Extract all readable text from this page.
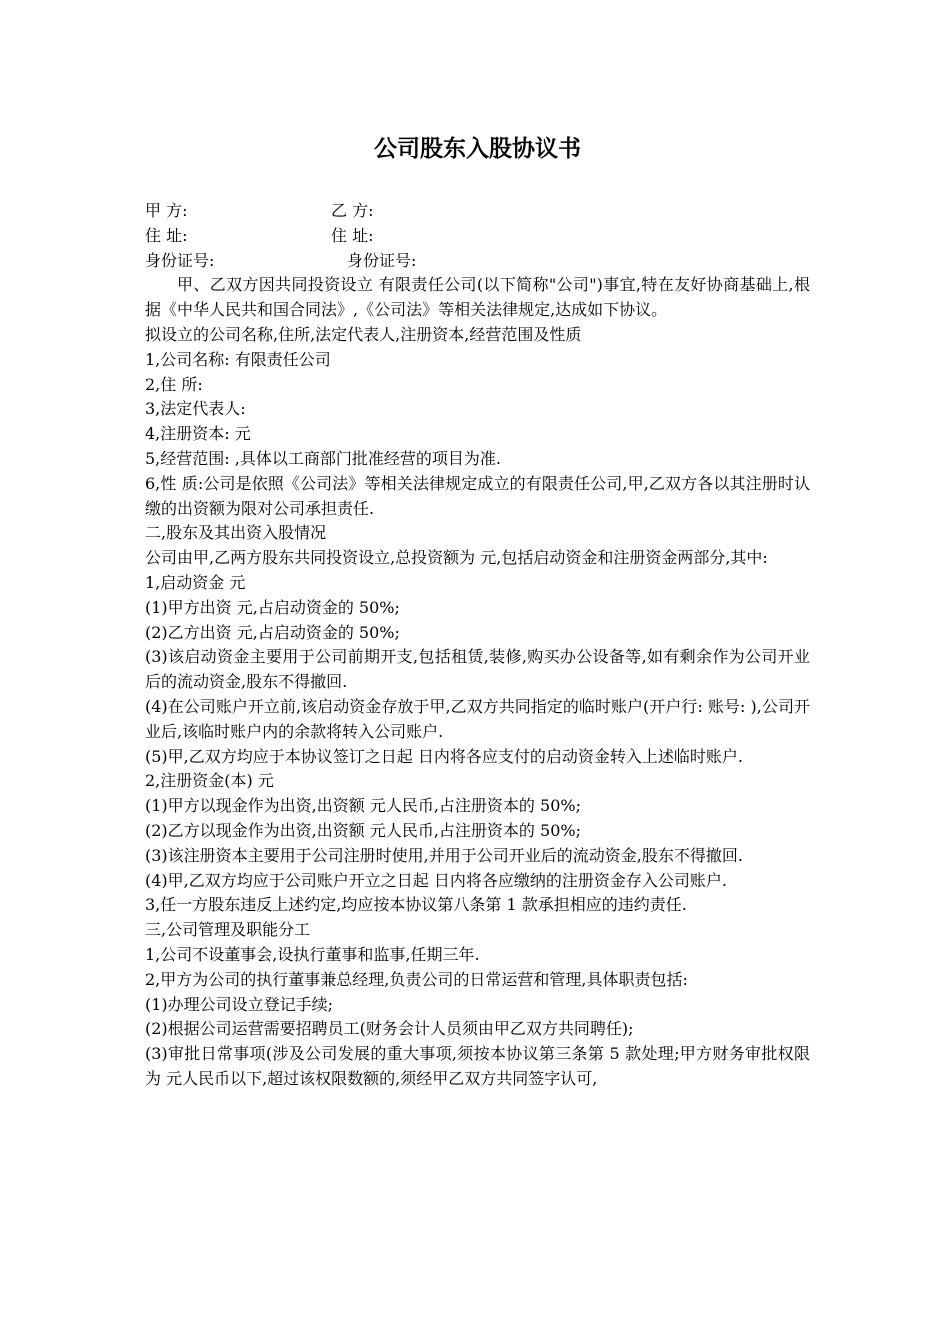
公司股东入股协议书
甲 方:	乙 方:
住 址:	住 址:
身份证号:	身份证号:

甲、乙双方因共同投资设立 有限责任公司(以下简称"公司")事宜,特在友好协商基础上,根据《中华人民共和国合同法》,《公司法》等相关法律规定,达成如下协议。

拟设立的公司名称,住所,法定代表人,注册资本,经营范围及性质

1,公司名称: 有限责任公司

2,住 所:

3,法定代表人:

4,注册资本: 元

5,经营范围: ,具体以工商部门批准经营的项目为准.

6,性 质:公司是依照《公司法》等相关法律规定成立的有限责任公司,甲,乙双方各以其注册时认缴的出资额为限对公司承担责任.

二,股东及其出资入股情况

公司由甲,乙两方股东共同投资设立,总投资额为 元,包括启动资金和注册资金两部分,其中:

1,启动资金 元

(1)甲方出资 元,占启动资金的 50%;

(2)乙方出资 元,占启动资金的 50%;

(3)该启动资金主要用于公司前期开支,包括租赁,装修,购买办公设备等,如有剩余作为公司开业后的流动资金,股东不得撤回.

(4)在公司账户开立前,该启动资金存放于甲,乙双方共同指定的临时账户(开户行: 账号: ),公司开业后,该临时账户内的余款将转入公司账户.

(5)甲,乙双方均应于本协议签订之日起 日内将各应支付的启动资金转入上述临时账户.

2,注册资金(本) 元

(1)甲方以现金作为出资,出资额 元人民币,占注册资本的 50%;

(2)乙方以现金作为出资,出资额 元人民币,占注册资本的 50%;

(3)该注册资本主要用于公司注册时使用,并用于公司开业后的流动资金,股东不得撤回.

(4)甲,乙双方均应于公司账户开立之日起 日内将各应缴纳的注册资金存入公司账户.

3,任一方股东违反上述约定,均应按本协议第八条第 1 款承担相应的违约责任.

三,公司管理及职能分工

1,公司不设董事会,设执行董事和监事,任期三年.

2,甲方为公司的执行董事兼总经理,负责公司的日常运营和管理,具体职责包括:

(1)办理公司设立登记手续;

(2)根据公司运营需要招聘员工(财务会计人员须由甲乙双方共同聘任);

(3)审批日常事项(涉及公司发展的重大事项,须按本协议第三条第 5 款处理;甲方财务审批权限为 元人民币以下,超过该权限数额的,须经甲乙双方共同签字认可,
